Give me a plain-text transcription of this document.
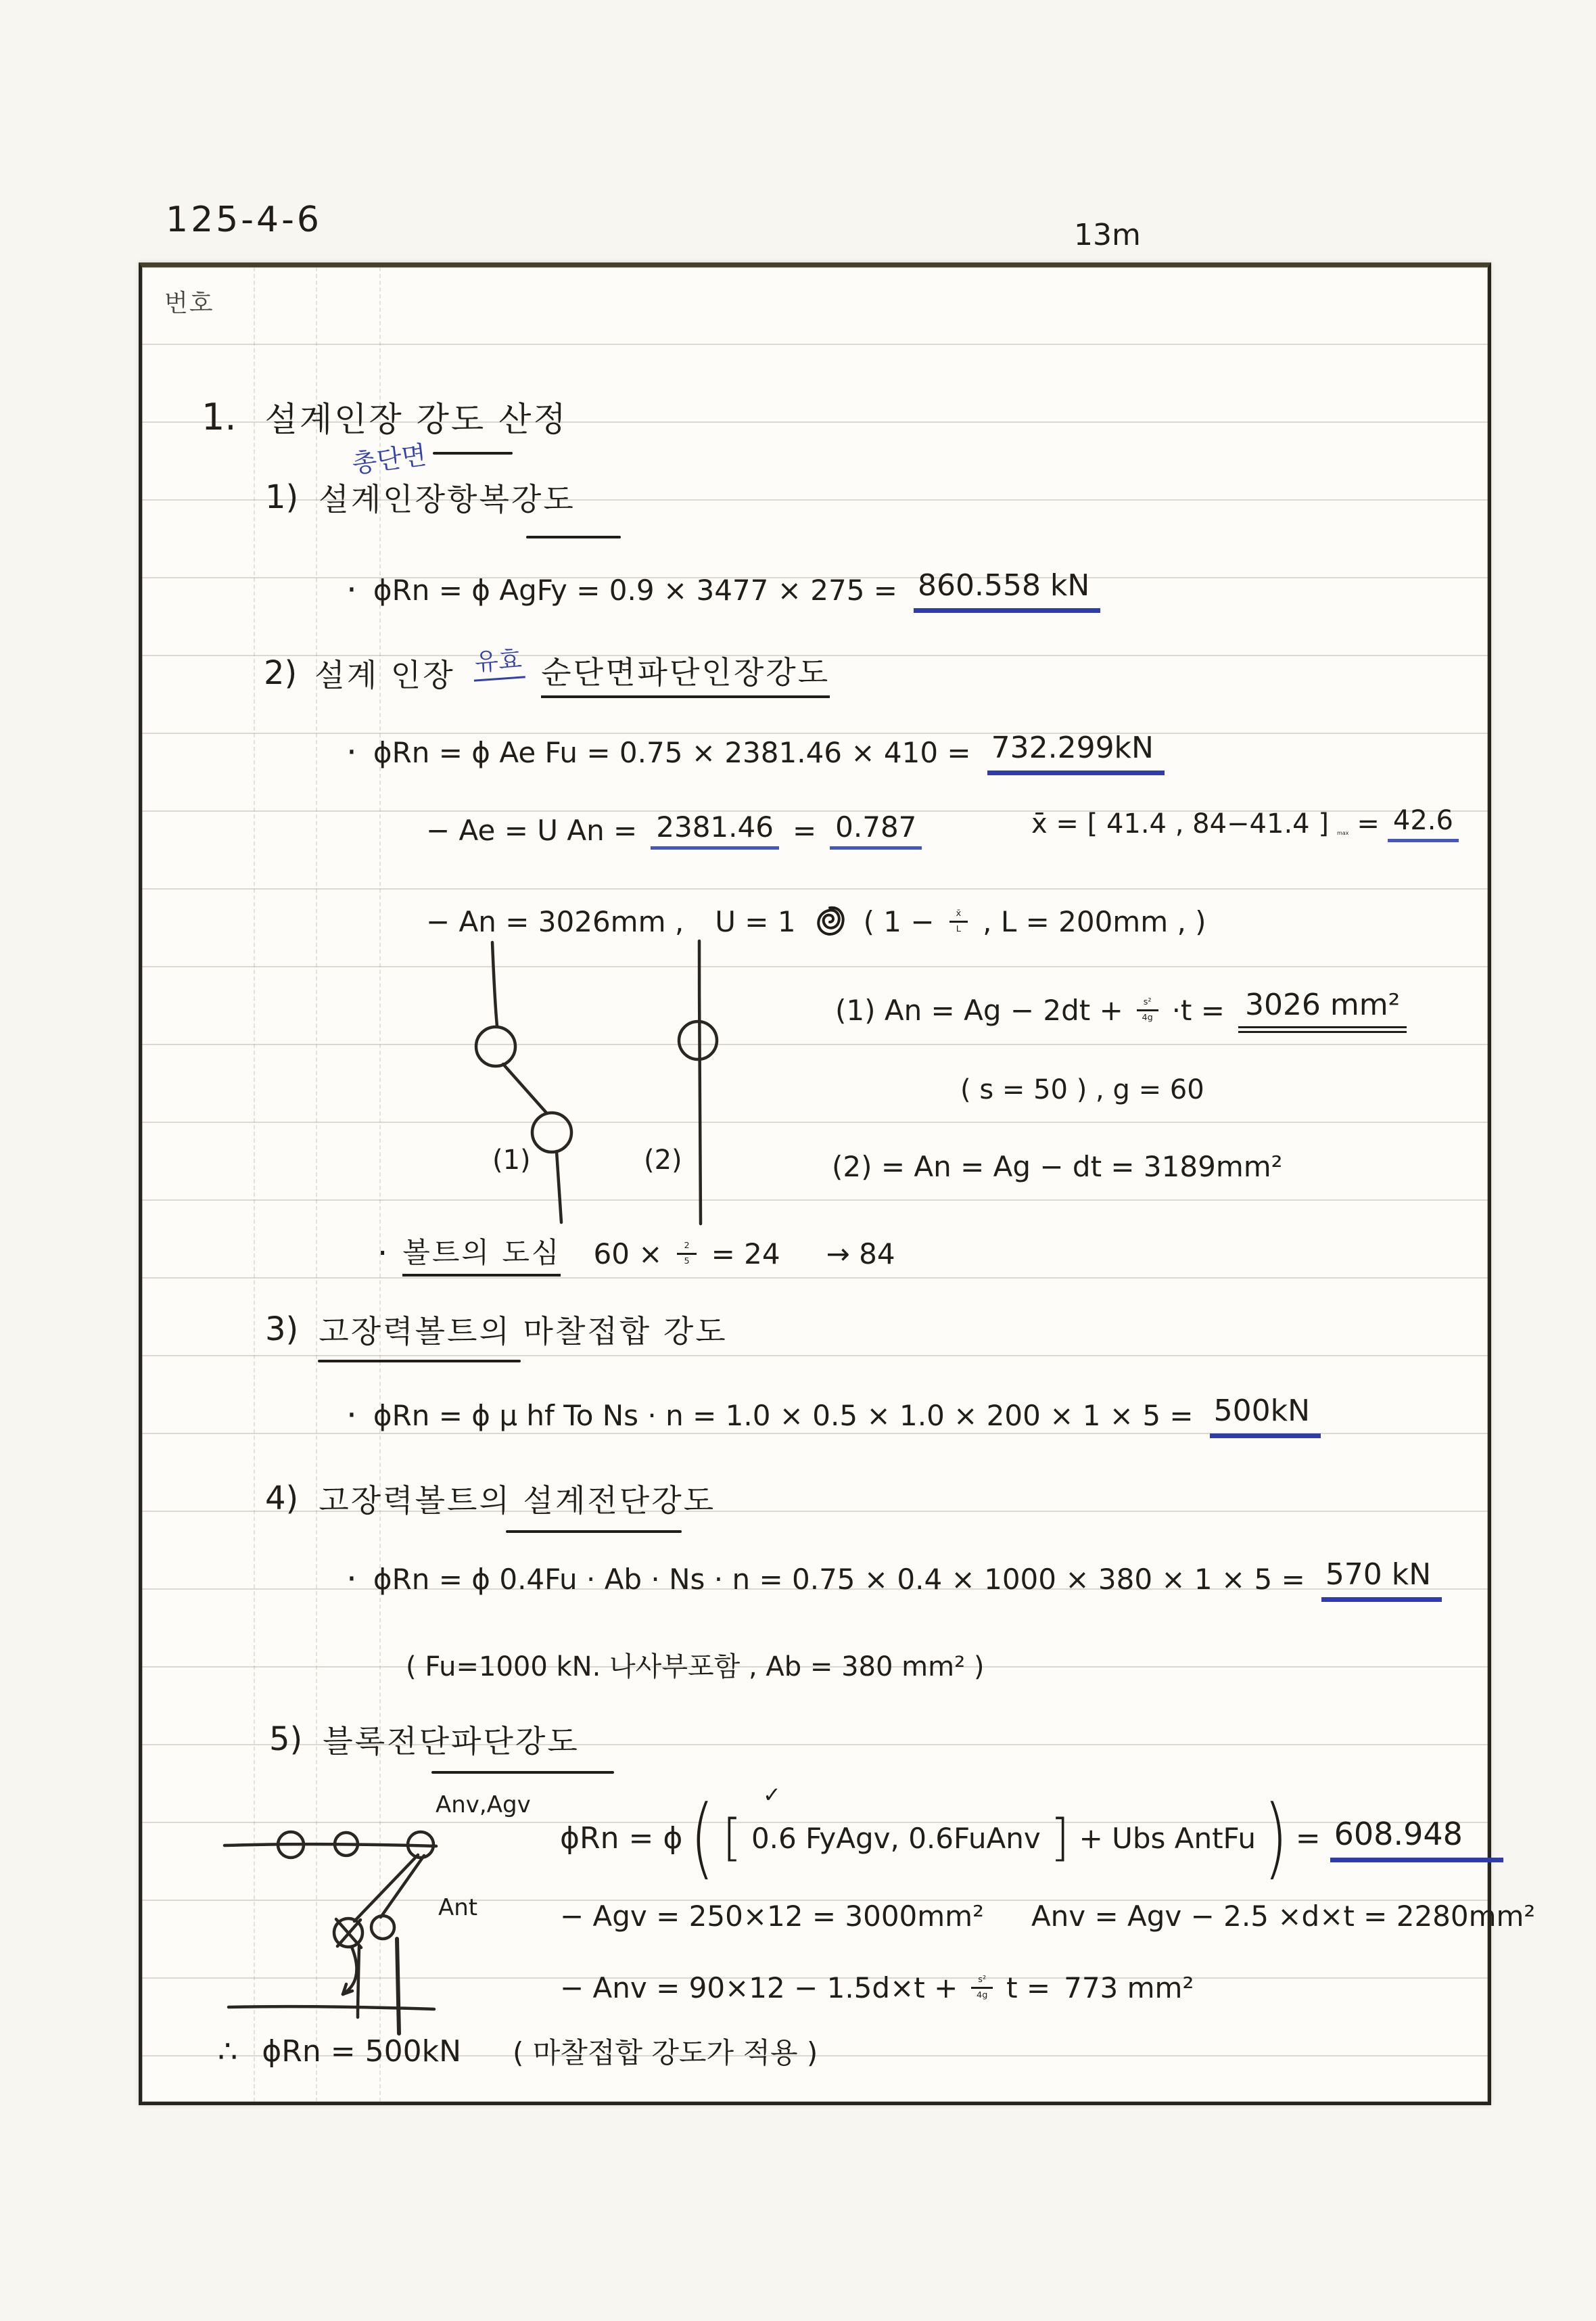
125-4-6	13m
번호
1. 설계인장 강도 산정
총단면
1) 설계인장항복강도
· ϕRn = ϕ AgFy = 0.9 × 3477 × 275 = 860.558 kN
2) 설계 인장 유효 순단면파단인장강도
· ϕRn = ϕ Ae Fu = 0.75 × 2381.46 × 410 = 732.299kN
− Ae = U An = 2381.46 = 0.787	x̄ = [ 41.4 , 84−41.4 ] max = 42.6
− An = 3026mm , U = 1 ( $1 - \frac{x̄}{L}$ , L = 200mm , )
(1)	(2)
(1) $An = Ag - 2dt + \frac{\text{s²}}{4g} \cdot t = 3026$ mm²
( s = 50 ) , g = 60
(2) = An = Ag − dt = 3189mm²
· 볼트의 도심 $60 \times \frac{2}{5} = 24 \to 84$
3) 고장력볼트의 마찰접합 강도
· ϕRn = ϕ μ hf To Ns · n = 1.0 × 0.5 × 1.0 × 200 × 1 × 5 = 500kN
4) 고장력볼트의 설계전단강도
· ϕRn = ϕ 0.4Fu · Ab · Ns · n = 0.75 × 0.4 × 1000 × 380 × 1 × 5 = 570 kN
( Fu=1000 kN. 나사부포함 , Ab = 380 mm² )
5) 블록전단파단강도
Anv,Agv
Ant
✓
ϕRn = ϕ ( [ 0.6 FyAgv, 0.6FuAnv ] + Ubs AntFu ) = 608.948
− Agv = 250×12 = 3000mm² Anv = Agv − 2.5 ×d×t = 2280mm²
− Anv = $90\times 12 - 1.5d\times t + \frac{\text{s²}}{4g}$ t = 773 mm²
∴ ϕRn = 500kN ( 마찰접합 강도가 적용 )
